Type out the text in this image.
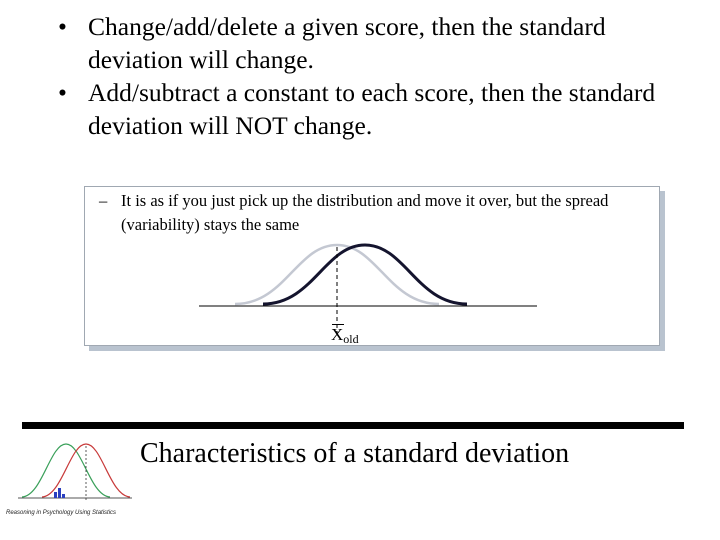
• Change/add/delete a given score, then the standard deviation will change.
• Add/subtract a constant to each score, then the standard deviation will NOT change.
– It is as if you just pick up the distribution and move it over, but the spread (variability) stays the same
$X_{old}$
Reasoning in Psychology Using Statistics
Characteristics of a standard deviation
